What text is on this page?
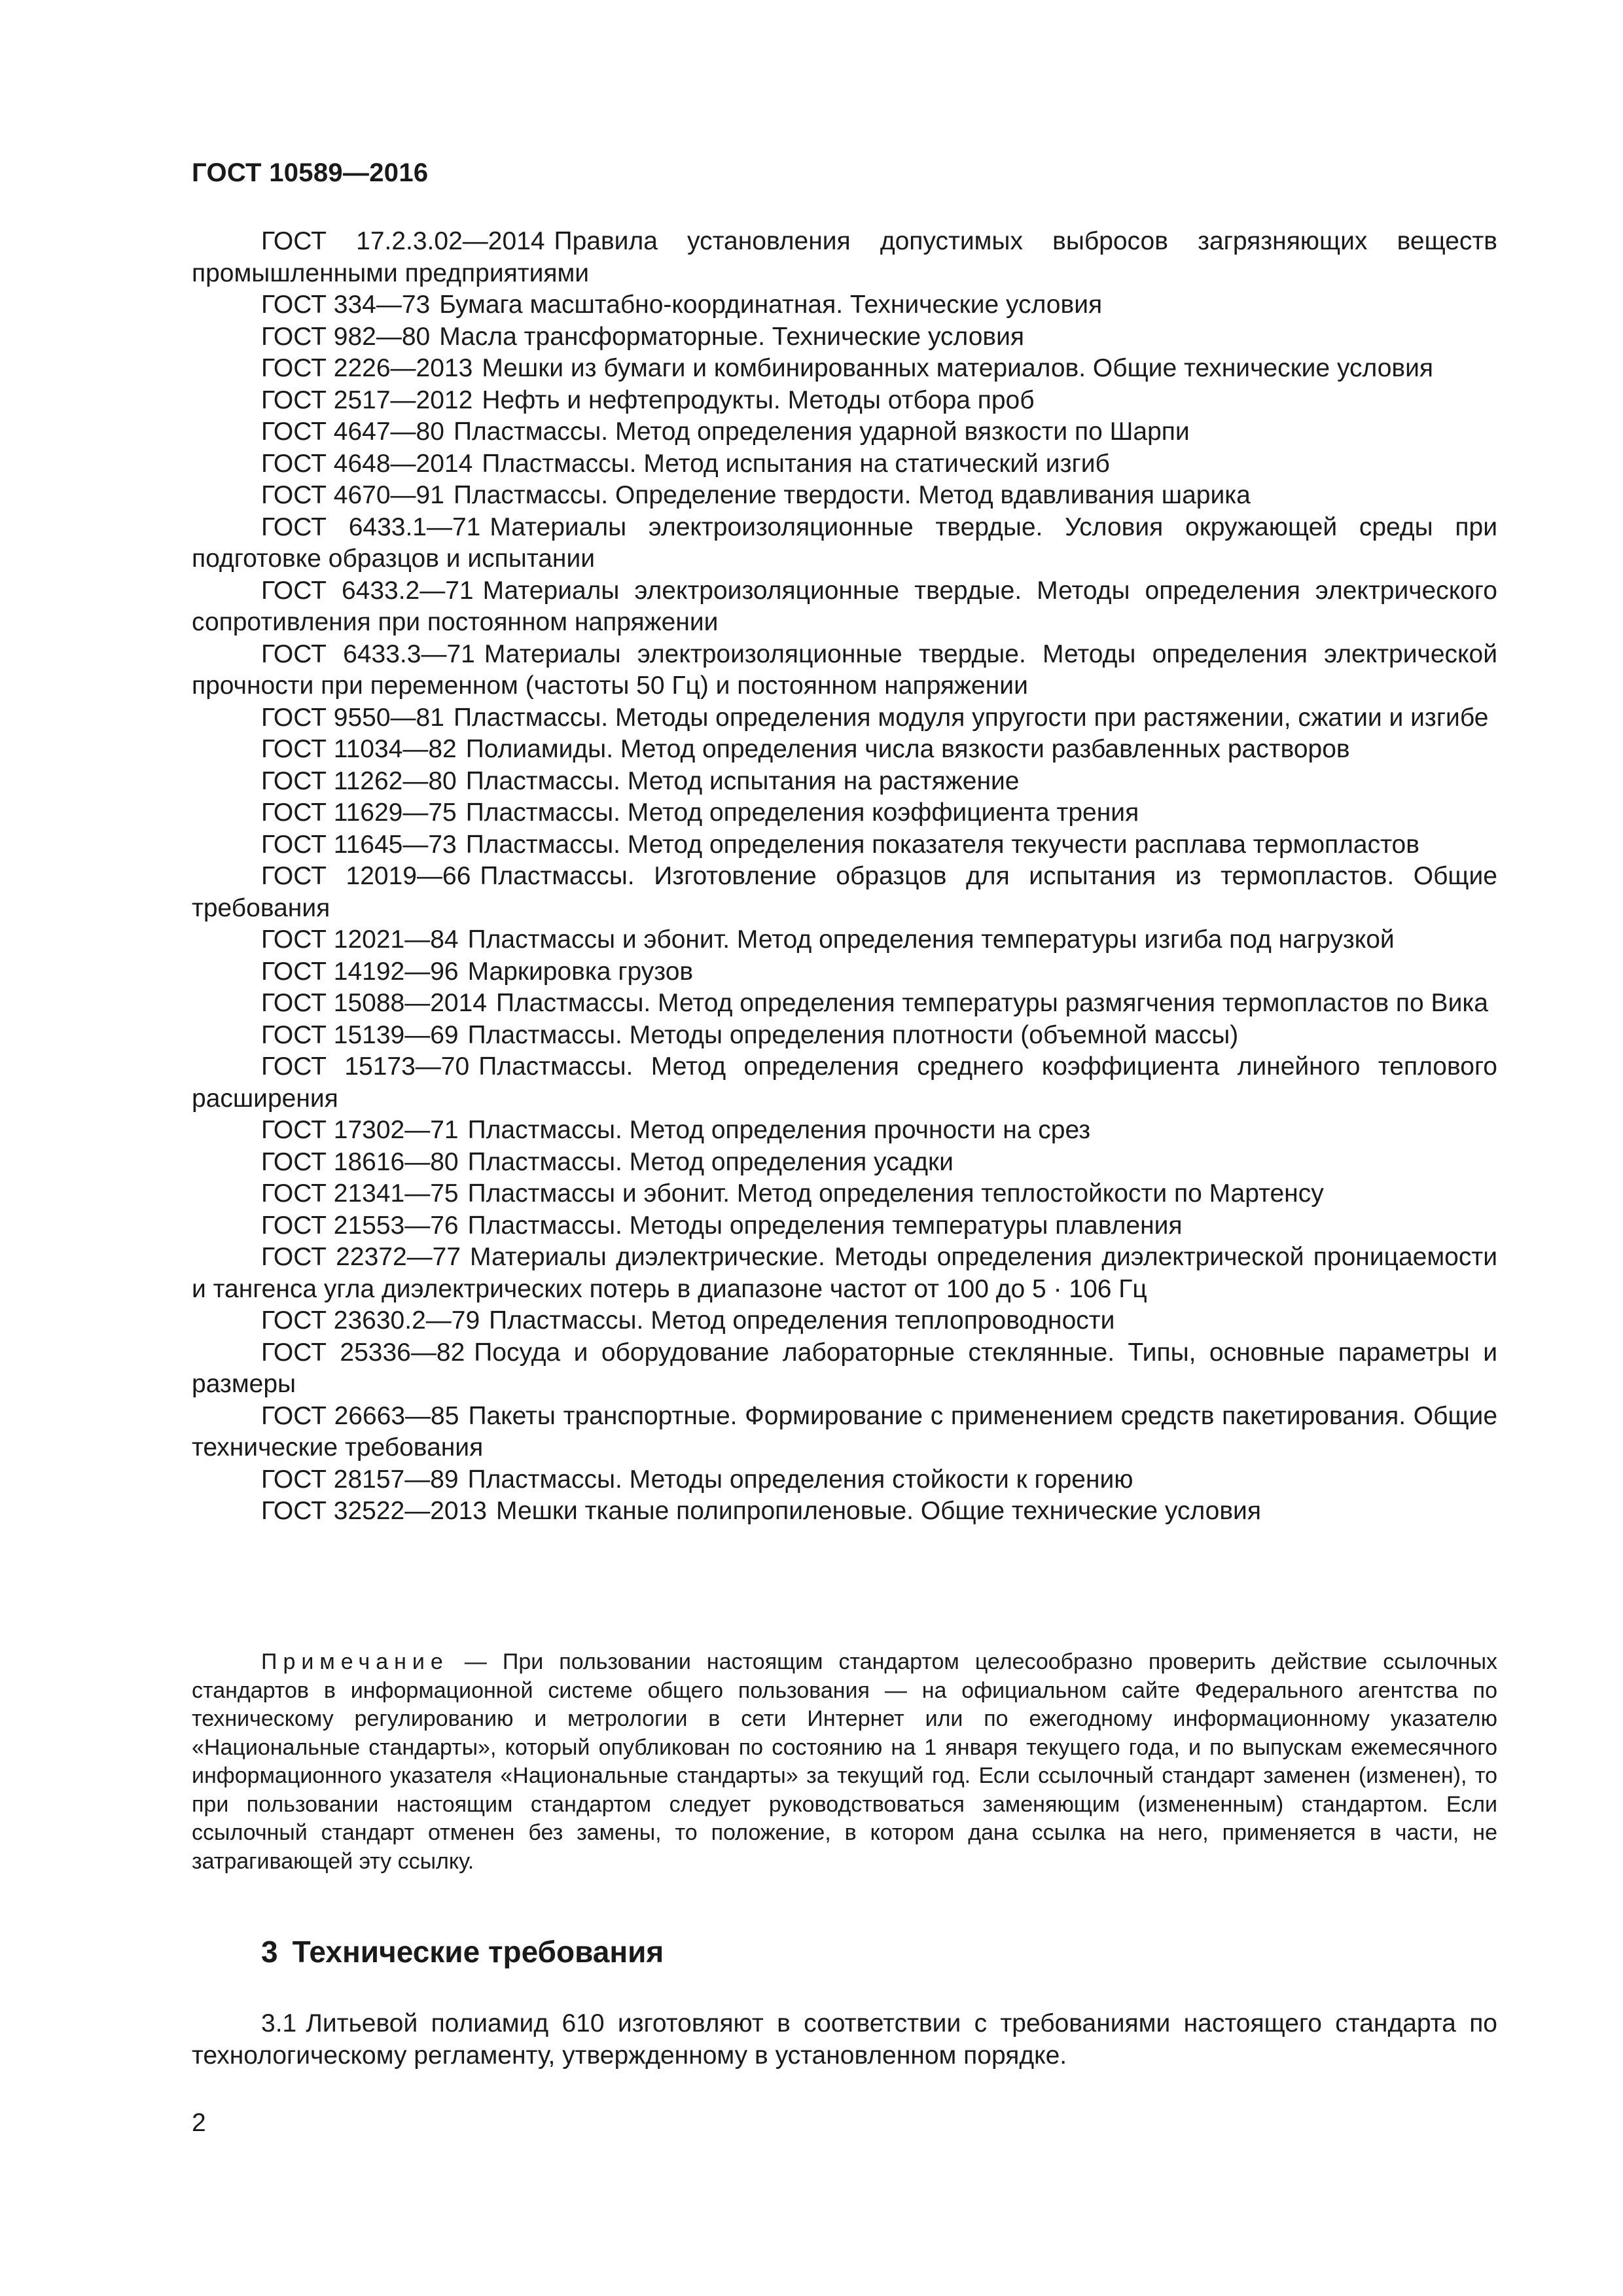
ГОСТ 10589—2016

ГОСТ 17.2.3.02—2014 Правила установления допустимых выбросов загрязняющих веществ промышленными предприятиями

ГОСТ 334—73 Бумага масштабно-координатная. Технические условия

ГОСТ 982—80 Масла трансформаторные. Технические условия

ГОСТ 2226—2013 Мешки из бумаги и комбинированных материалов. Общие технические условия

ГОСТ 2517—2012 Нефть и нефтепродукты. Методы отбора проб

ГОСТ 4647—80 Пластмассы. Метод определения ударной вязкости по Шарпи

ГОСТ 4648—2014 Пластмассы. Метод испытания на статический изгиб

ГОСТ 4670—91 Пластмассы. Определение твердости. Метод вдавливания шарика

ГОСТ 6433.1—71 Материалы электроизоляционные твердые. Условия окружающей среды при подготовке образцов и испытании

ГОСТ 6433.2—71 Материалы электроизоляционные твердые. Методы определения электрического сопротивления при постоянном напряжении

ГОСТ 6433.3—71 Материалы электроизоляционные твердые. Методы определения электрической прочности при переменном (частоты 50 Гц) и постоянном напряжении

ГОСТ 9550—81 Пластмассы. Методы определения модуля упругости при растяжении, сжатии и изгибе

ГОСТ 11034—82 Полиамиды. Метод определения числа вязкости разбавленных растворов

ГОСТ 11262—80 Пластмассы. Метод испытания на растяжение

ГОСТ 11629—75 Пластмассы. Метод определения коэффициента трения

ГОСТ 11645—73 Пластмассы. Метод определения показателя текучести расплава термопластов

ГОСТ 12019—66 Пластмассы. Изготовление образцов для испытания из термопластов. Общие требования

ГОСТ 12021—84 Пластмассы и эбонит. Метод определения температуры изгиба под нагрузкой

ГОСТ 14192—96 Маркировка грузов

ГОСТ 15088—2014 Пластмассы. Метод определения температуры размягчения термопластов по Вика

ГОСТ 15139—69 Пластмассы. Методы определения плотности (объемной массы)

ГОСТ 15173—70 Пластмассы. Метод определения среднего коэффициента линейного теплового расширения

ГОСТ 17302—71 Пластмассы. Метод определения прочности на срез

ГОСТ 18616—80 Пластмассы. Метод определения усадки

ГОСТ 21341—75 Пластмассы и эбонит. Метод определения теплостойкости по Мартенсу

ГОСТ 21553—76 Пластмассы. Методы определения температуры плавления

ГОСТ 22372—77 Материалы диэлектрические. Методы определения диэлектрической проницаемости и тангенса угла диэлектрических потерь в диапазоне частот от 100 до 5 · 106 Гц

ГОСТ 23630.2—79 Пластмассы. Метод определения теплопроводности

ГОСТ 25336—82 Посуда и оборудование лабораторные стеклянные. Типы, основные параметры и размеры

ГОСТ 26663—85 Пакеты транспортные. Формирование с применением средств пакетирования. Общие технические требования

ГОСТ 28157—89 Пластмассы. Методы определения стойкости к горению

ГОСТ 32522—2013 Мешки тканые полипропиленовые. Общие технические условия

Примечание — При пользовании настоящим стандартом целесообразно проверить действие ссылочных стандартов в информационной системе общего пользования — на официальном сайте Федерального агентства по техническому регулированию и метрологии в сети Интернет или по ежегодному информационному указателю «Национальные стандарты», который опубликован по состоянию на 1 января текущего года, и по выпускам ежемесячного информационного указателя «Национальные стандарты» за текущий год. Если ссылочный стандарт заменен (изменен), то при пользовании настоящим стандартом следует руководствоваться заменяющим (измененным) стандартом. Если ссылочный стандарт отменен без замены, то положение, в котором дана ссылка на него, применяется в части, не затрагивающей эту ссылку.

3 Технические требования

3.1 Литьевой полиамид 610 изготовляют в соответствии с требованиями настоящего стандарта по технологическому регламенту, утвержденному в установленном порядке.

2
